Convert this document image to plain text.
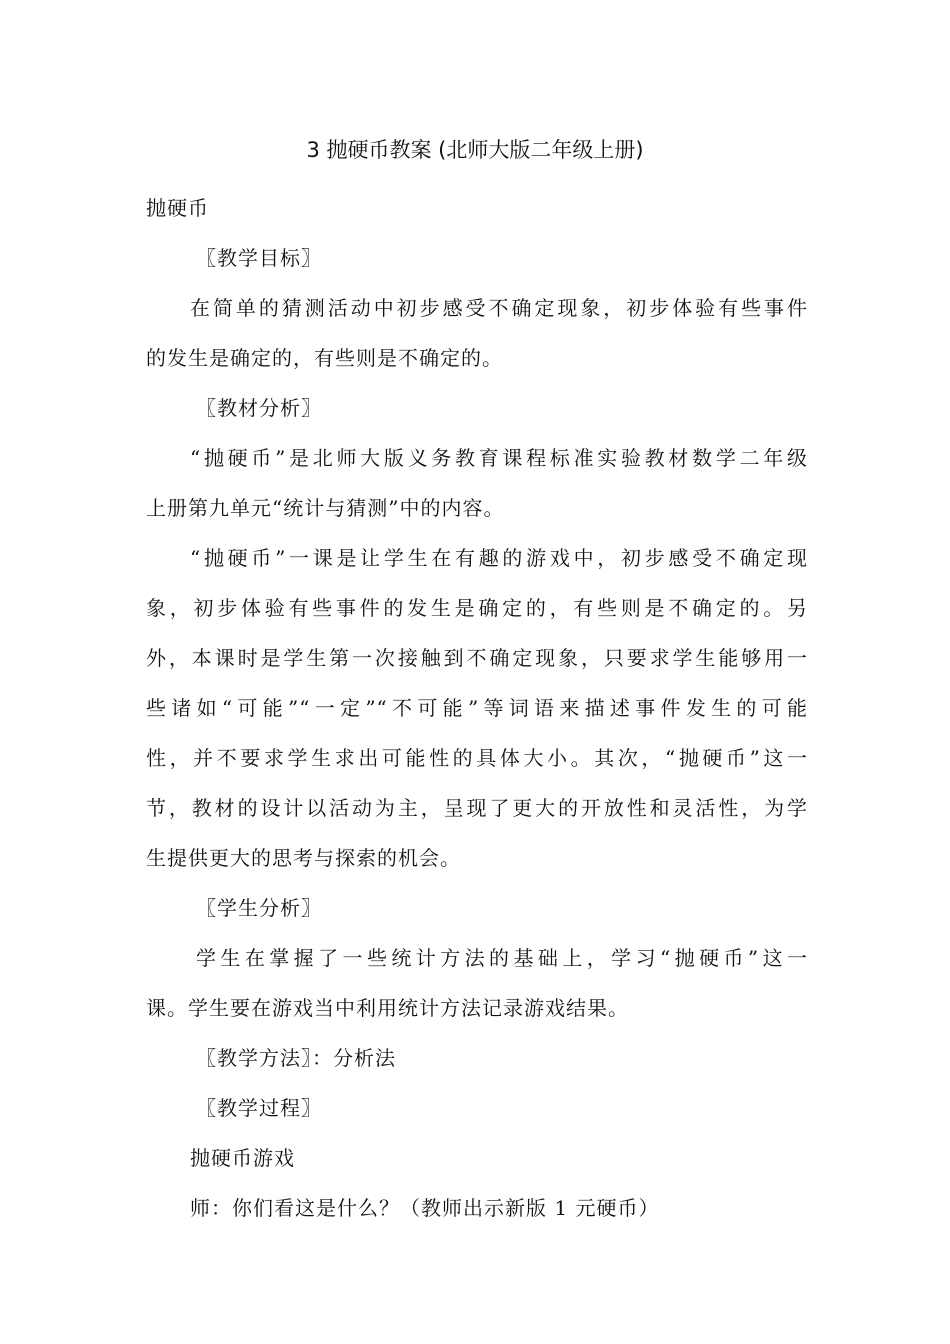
3 抛硬币教案 (北师大版二年级上册)
抛硬币
〖教学目标〗
在简单的猜测活动中初步感受不确定现象，初步体验有些事件
的发生是确定的，有些则是不确定的。
〖教材分析〗
“抛硬币”是北师大版义务教育课程标准实验教材数学二年级
上册第九单元“统计与猜测”中的内容。
“抛硬币”一课是让学生在有趣的游戏中，初步感受不确定现
象，初步体验有些事件的发生是确定的，有些则是不确定的。另
外，本课时是学生第一次接触到不确定现象，只要求学生能够用一
些诸如“可能”“一定”“不可能”等词语来描述事件发生的可能
性，并不要求学生求出可能性的具体大小。其次，“抛硬币”这一
节，教材的设计以活动为主，呈现了更大的开放性和灵活性，为学
生提供更大的思考与探索的机会。
〖学生分析〗
学生在掌握了一些统计方法的基础上，学习“抛硬币”这一
课。学生要在游戏当中利用统计方法记录游戏结果。
〖教学方法〗：分析法
〖教学过程〗
抛硬币游戏
师：你们看这是什么？（教师出示新版 1 元硬币）
